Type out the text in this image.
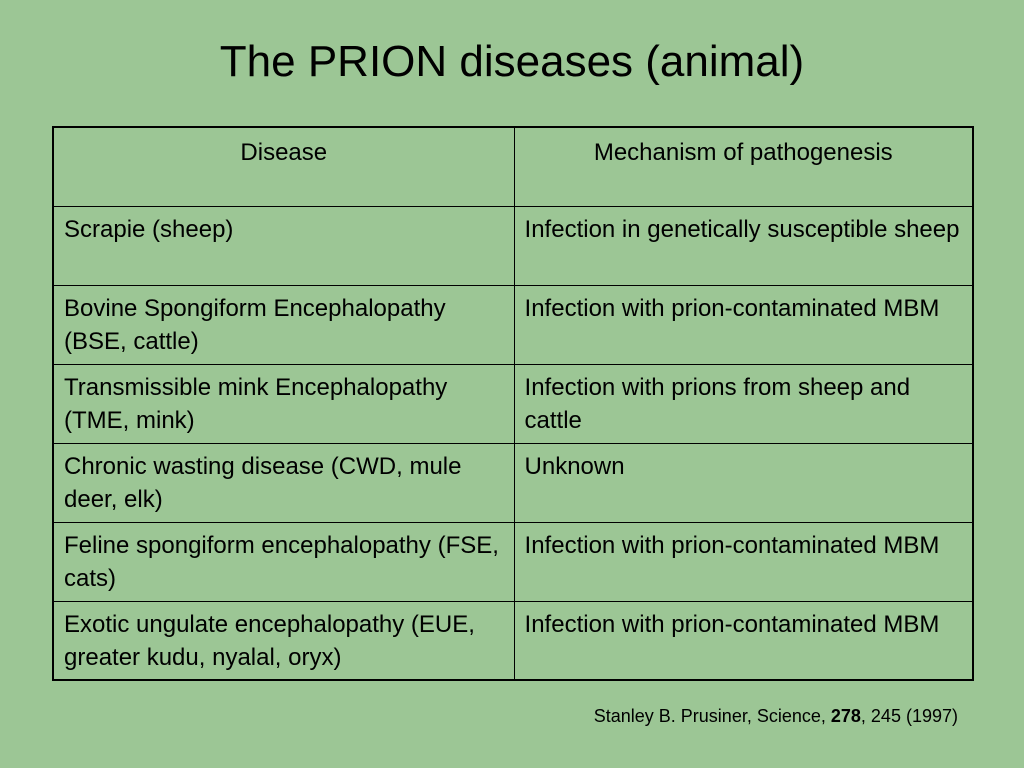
The PRION diseases (animal)
Disease	Mechanism of pathogenesis
Scrapie (sheep)	Infection in genetically susceptible sheep
Bovine Spongiform Encephalopathy (BSE, cattle)	Infection with prion-contaminated MBM
Transmissible mink Encephalopathy (TME, mink)	Infection with prions from sheep and cattle
Chronic wasting disease (CWD, mule deer, elk)	Unknown
Feline spongiform encephalopathy (FSE, cats)	Infection with prion-contaminated MBM
Exotic ungulate encephalopathy (EUE, greater kudu, nyalal, oryx)	Infection with prion-contaminated MBM
Stanley B. Prusiner, Science, 278, 245 (1997)
